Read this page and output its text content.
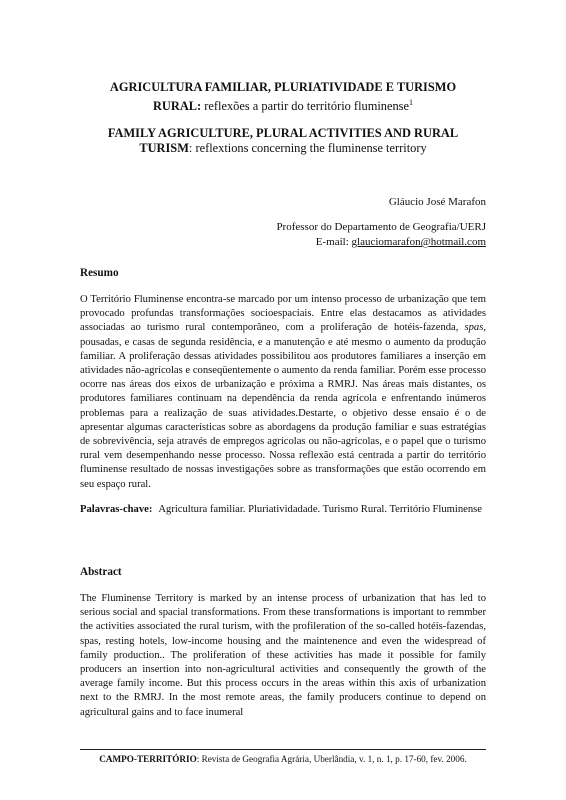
AGRICULTURA FAMILIAR, PLURIATIVIDADE E TURISMO
RURAL: reflexões a partir do território fluminense$^1$
FAMILY AGRICULTURE, PLURAL ACTIVITIES AND RURAL
TURISM: reflextions concerning the fluminense territory
Gláucio José Marafon
Professor do Departamento de Geografia/UERJ
E-mail: glauciomarafon@hotmail.com
Resumo
O Território Fluminense encontra-se marcado por um intenso processo de urbanização que tem provocado profundas transformações socioespaciais. Entre elas destacamos as atividades associadas ao turismo rural contemporâneo, com a proliferação de hotéis-fazenda, spas, pousadas, e casas de segunda residência, e a manutenção e até mesmo o aumento da produção familiar. A proliferação dessas atividades possibilitou aos produtores familiares a inserção em atividades não-agrícolas e conseqüentemente o aumento da renda familiar. Porém esse processo ocorre nas áreas dos eixos de urbanização e próxima a RMRJ. Nas áreas mais distantes, os produtores familiares continuam na dependência da renda agrícola e enfrentando inúmeros problemas para a realização de suas atividades.Destarte, o objetivo desse ensaio é o de apresentar algumas características sobre as abordagens da produção familiar e suas estratégias de sobrevivência, seja através de empregos agrícolas ou não-agrícolas, e o papel que o turismo rural vem desempenhando nesse processo. Nossa reflexão está centrada a partir do território fluminense resultado de nossas investigações sobre as transformações que estão ocorrendo em seu espaço rural.
Palavras-chave: Agricultura familiar. Pluriatividadade. Turismo Rural. Território Fluminense
Abstract
The Fluminense Territory is marked by an intense process of urbanization that has led to serious social and spacial transformations. From these transformations is important to remmber the activities associated the rural turism, with the profileration of the so-called hotéis-fazendas, spas, resting hotels, low-income housing and the maintenence and even the widespread of family production.. The proliferation of these activities has made it possible for family producers an insertion into non-agricultural activities and consequently the growth of the average family income. But this process occurs in the areas within this axis of urbanization next to the RMRJ. In the most remote areas, the family producers continue to depend on agricultural gains and to face inumeral
CAMPO-TERRITÓRIO: Revista de Geografia Agrária, Uberlândia, v. 1, n. 1, p. 17-60, fev. 2006.
